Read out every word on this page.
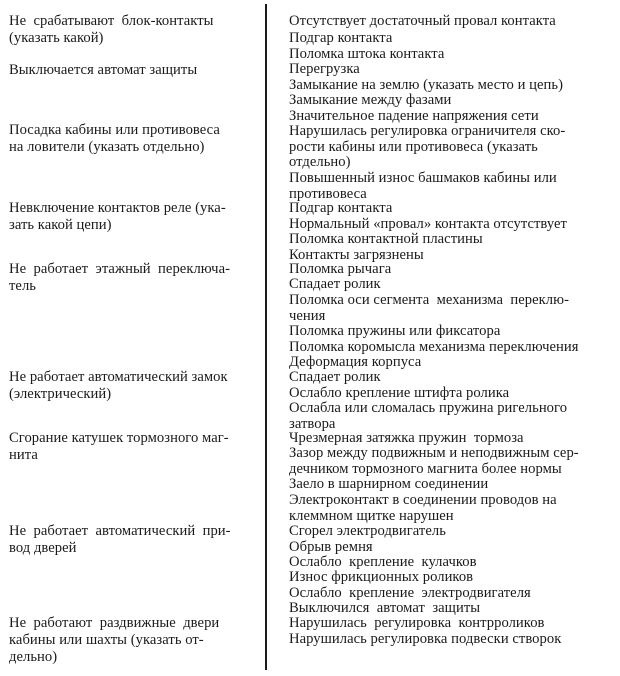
Не  срабатывают  блок-контакты
(указать какой)
Отсутствует достаточный провал контакта
Подгар контакта
Поломка штока контакта
Выключается автомат защиты	Перегрузка
Замыкание на землю (указать место и цепь)
Замыкание между фазами
Значительное падение напряжения сети
Посадка кабины или противовеса
на ловители (указать отдельно)
Нарушилась регулировка ограничителя ско-
рости кабины или противовеса (указать
отдельно)
Повышенный износ башмаков кабины или
противовеса
Невключение контактов реле (ука-
зать какой цепи)
Подгар контакта
Нормальный «провал» контакта отсутствует
Поломка контактной пластины
Контакты загрязнены
Не  работает  этажный  переключа-
тель
Поломка рычага
Спадает ролик
Поломка оси сегмента  механизма  переклю-
чения
Поломка пружины или фиксатора
Поломка коромысла механизма переключения
Деформация корпуса
Не работает автоматический замок
(электрический)
Спадает ролик
Ослабло крепление штифта ролика
Ослабла или сломалась пружина ригельного
затвора
Сгорание катушек тормозного маг-
нита
Чрезмерная затяжка пружин  тормоза
Зазор между подвижным и неподвижным сер-
дечником тормозного магнита более нормы
Заело в шарнирном соединении
Электроконтакт в соединении проводов на
клеммном щитке нарушен
Не  работает  автоматический  при-
вод дверей
Сгорел электродвигатель
Обрыв ремня
Ослабло  крепление  кулачков
Износ фрикционных роликов
Ослабло  крепление  электродвигателя
Выключился  автомат  защиты
Не  работают  раздвижные  двери
кабины или шахты (указать от-
дельно)
Нарушилась  регулировка  контрроликов
Нарушилась регулировка подвески створок
